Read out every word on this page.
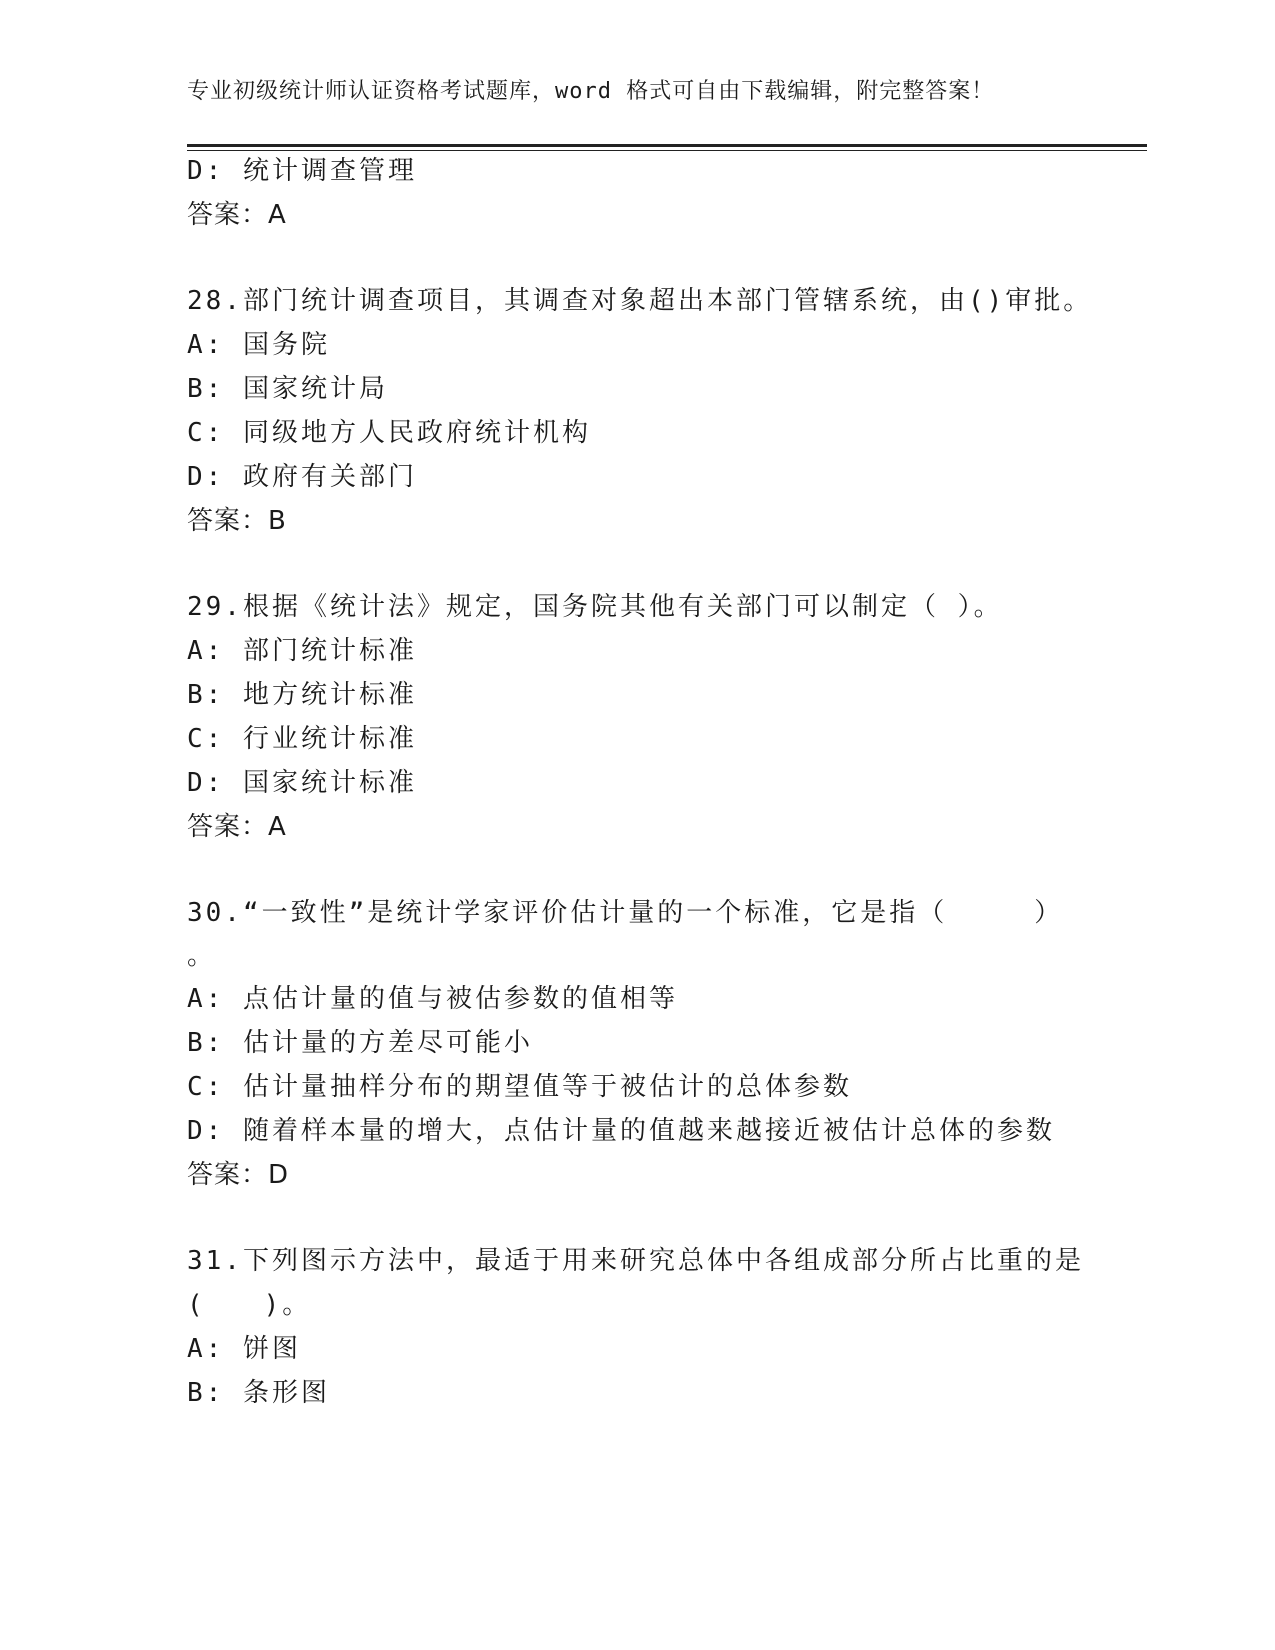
专业初级统计师认证资格考试题库，word 格式可自由下载编辑，附完整答案！
D: 统计调查管理
答案：A
28.部门统计调查项目，其调查对象超出本部门管辖系统，由()审批。
A: 国务院
B: 国家统计局
C: 同级地方人民政府统计机构
D: 政府有关部门
答案：B
29.根据《统计法》规定，国务院其他有关部门可以制定（ ）。
A: 部门统计标准
B: 地方统计标准
C: 行业统计标准
D: 国家统计标准
答案：A
30.“一致性”是统计学家评价估计量的一个标准，它是指（　　　）
。
A: 点估计量的值与被估参数的值相等
B: 估计量的方差尽可能小
C: 估计量抽样分布的期望值等于被估计的总体参数
D: 随着样本量的增大，点估计量的值越来越接近被估计总体的参数
答案：D
31.下列图示方法中，最适于用来研究总体中各组成部分所占比重的是
(　　)。
A: 饼图
B: 条形图
